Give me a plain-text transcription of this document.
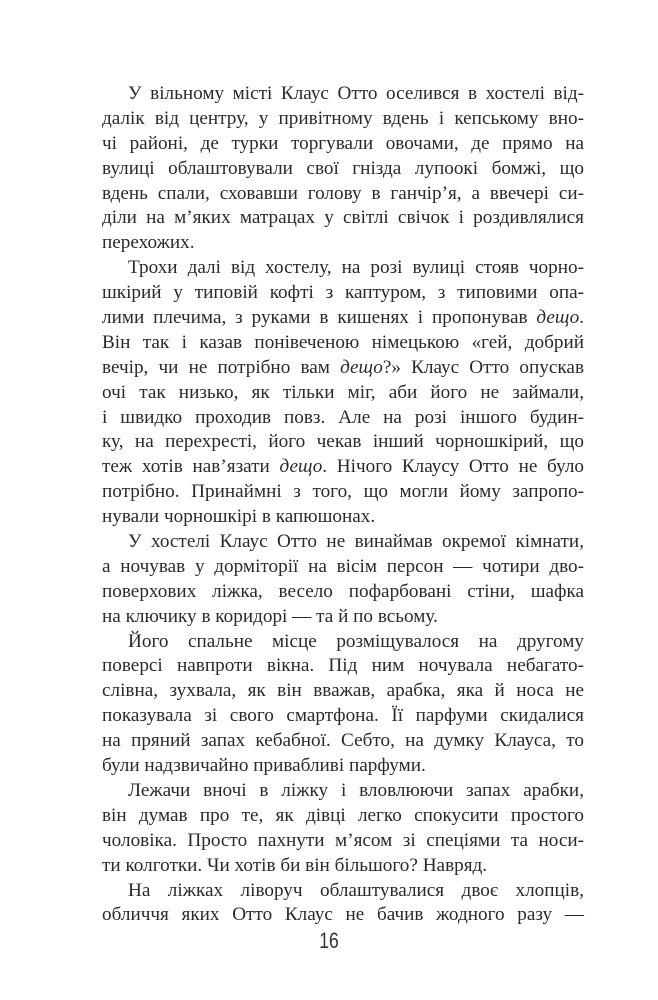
У вільному місті Клаус Отто оселився в хостелі від-
далік від центру, у привітному вдень і кепському вно-
чі районі, де турки торгували овочами, де прямо на
вулиці облаштовували свої гнізда лупоокі бомжі, що
вдень спали, сховавши голову в ганчір’я, а ввечері си-
діли на м’яких матрацах у світлі свічок і роздивлялися
перехожих.
Трохи далі від хостелу, на розі вулиці стояв чорно-
шкірий у типовій кофті з каптуром, з типовими опа-
лими плечима, з руками в кишенях і пропонував дещо.
Він так і казав понівеченою німецькою «гей, добрий
вечір, чи не потрібно вам дещо?» Клаус Отто опускав
очі так низько, як тільки міг, аби його не займали,
і швидко проходив повз. Але на розі іншого будин-
ку, на перехресті, його чекав інший чорношкірий, що
теж хотів нав’язати дещо. Нічого Клаусу Отто не було
потрібно. Принаймні з того, що могли йому запропо-
нували чорношкірі в капюшонах.
У хостелі Клаус Отто не винаймав окремої кімнати,
а ночував у дормiторії на вісім персон — чотири дво-
поверхових ліжка, весело пофарбовані стіни, шафка
на ключику в коридорі — та й по всьому.
Його спальне місце розміщувалося на другому
поверсі навпроти вікна. Під ним ночувала небагато-
слівна, зухвала, як він вважав, арабка, яка й носа не
показувала зі свого смартфона. Її парфуми скидалися
на пряний запах кебабної. Себто, на думку Клауса, то
були надзвичайно привабливі парфуми.
Лежачи вночі в ліжку і вловлюючи запах арабки,
він думав про те, як дівці легко спокусити простого
чоловіка. Просто пахнути м’ясом зі спеціями та носи-
ти колготки. Чи хотів би він більшого? Навряд.
На ліжках ліворуч облаштувалися двоє хлопців,
обличчя яких Отто Клаус не бачив жодного разу —
16
